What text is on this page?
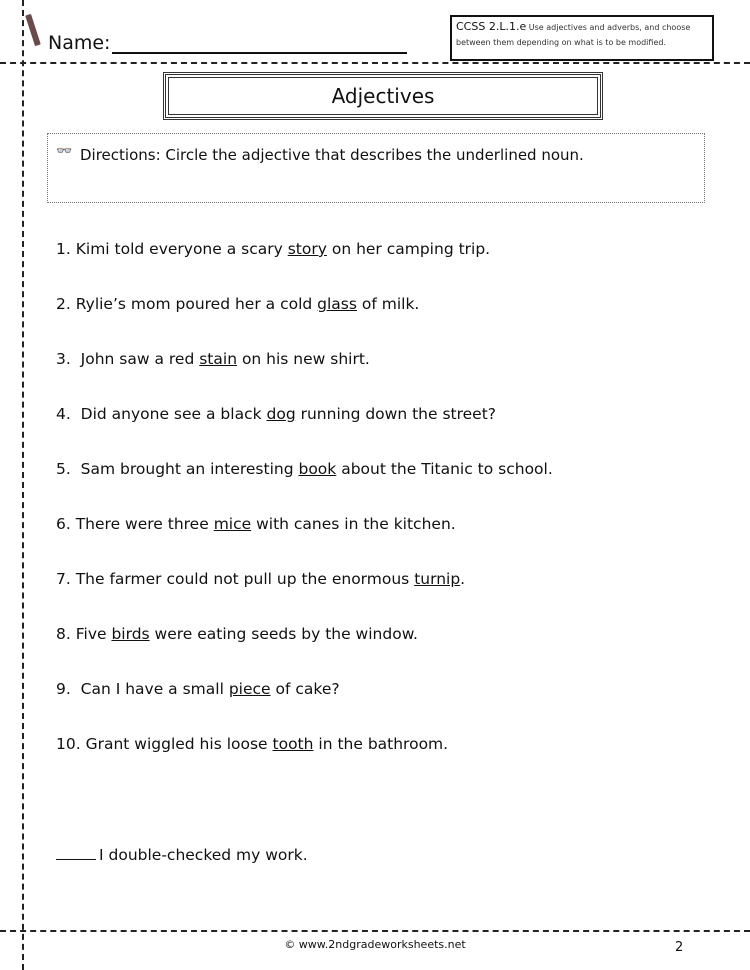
Name:
CCSS 2.L.1.e Use adjectives and adverbs, and choose between them depending on what is to be modified.
Adjectives
👓 Directions: Circle the adjective that describes the underlined noun.
1. Kimi told everyone a scary story on her camping trip.
2. Rylie’s mom poured her a cold glass of milk.
3.  John saw a red stain on his new shirt.
4.  Did anyone see a black dog running down the street?
5.  Sam brought an interesting book about the Titanic to school.
6. There were three mice with canes in the kitchen.
7. The farmer could not pull up the enormous turnip.
8. Five birds were eating seeds by the window.
9.  Can I have a small piece of cake?
10. Grant wiggled his loose tooth in the bathroom.
I double-checked my work.
© www.2ndgradeworksheets.net	2
